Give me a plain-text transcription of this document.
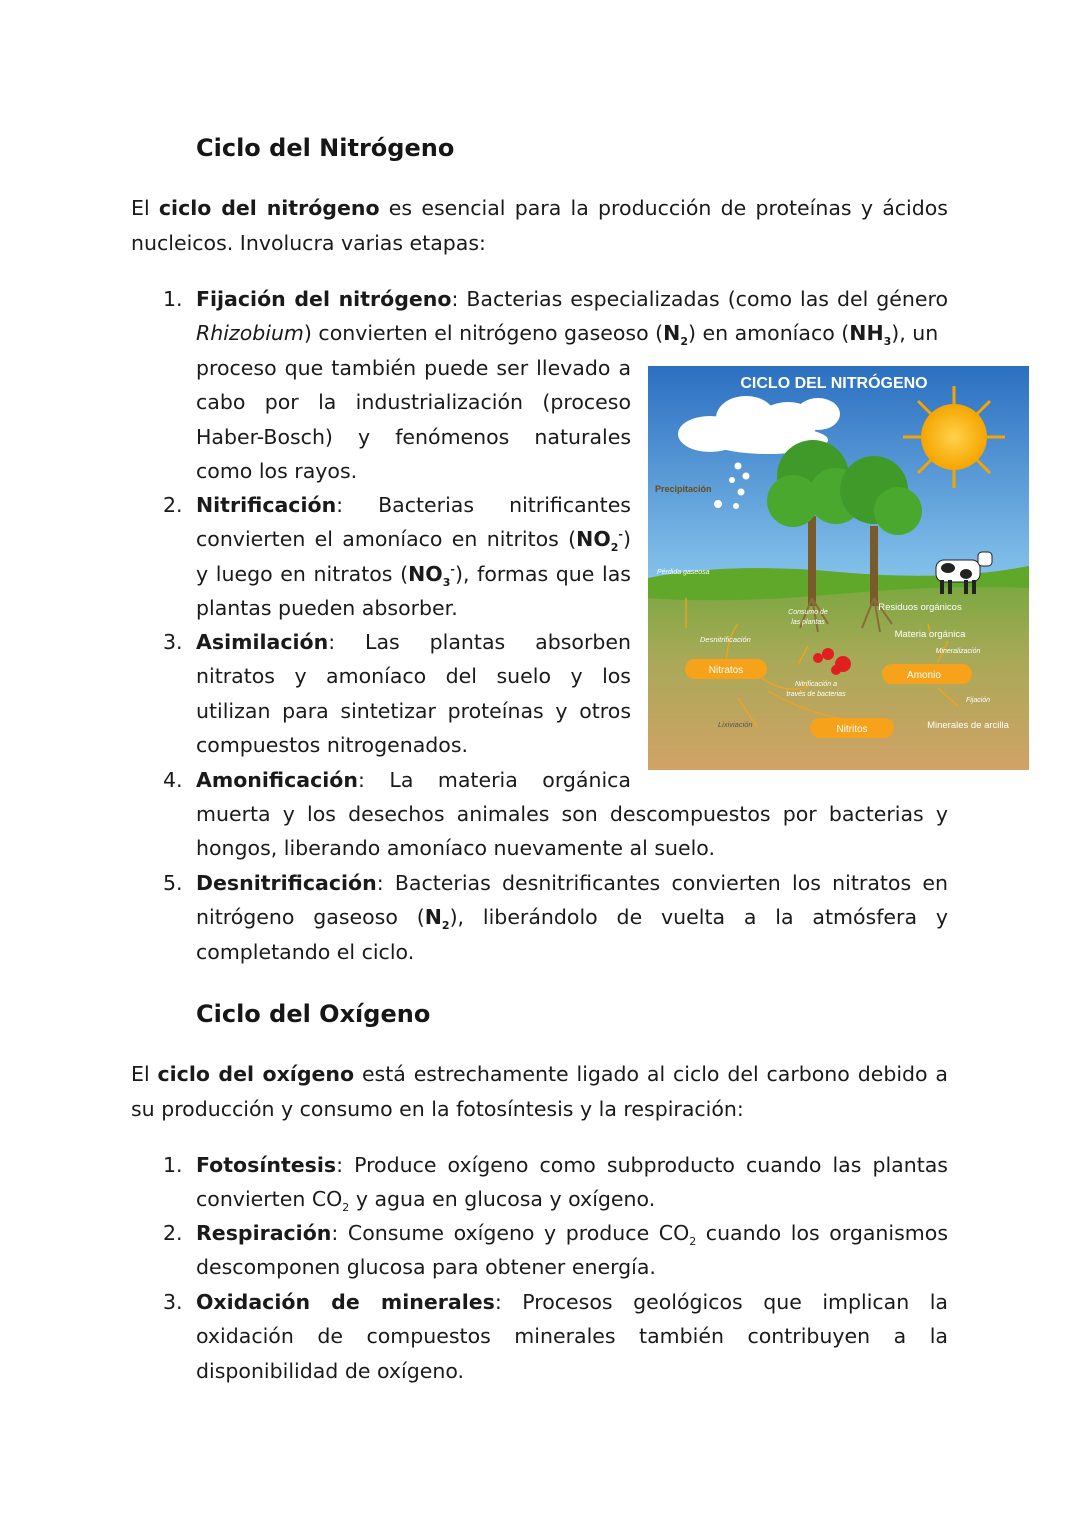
Ciclo del Nitrógeno

El ciclo del nitrógeno es esencial para la producción de proteínas y ácidos nucleicos. Involucra varias etapas:

1. Fijación del nitrógeno: Bacterias especializadas (como las del género Rhizobium) convierten el nitrógeno gaseoso $(N_2)$ en amoníaco $(NH_3)$, un

proceso que también puede ser llevado a cabo por la industrialización (proceso Haber-Bosch) y fenómenos naturales como los rayos.

2. Nitrificación: Bacterias nitrificantes convierten el amoníaco en nitritos $(NO_2^-)$ y luego en nitratos $(NO_3^-)$, formas que las plantas pueden absorber.

3. Asimilación: Las plantas absorben nitratos y amoníaco del suelo y los utilizan para sintetizar proteínas y otros compuestos nitrogenados.

4. Amonificación: La materia orgánica

muerta y los desechos animales son descompuestos por bacterias y hongos, liberando amoníaco nuevamente al suelo.

5. Desnitrificación: Bacterias desnitrificantes convierten los nitratos en nitrógeno gaseoso $(N_2)$, liberándolo de vuelta a la atmósfera y completando el ciclo.

CICLO DEL NITRÓGENO
Precipitación
Pérdida gaseosa
Desnitrificación
Nitratos
Lixiviación
Consumo de
las plantas
Nitrificación a
través de bacterias
Nitritos
Residuos orgánicos
Materia orgánica
Mineralización
Amonio
Fijación
Minerales de arcilla
Ciclo del Oxígeno

El ciclo del oxígeno está estrechamente ligado al ciclo del carbono debido a su producción y consumo en la fotosíntesis y la respiración:

1. Fotosíntesis: Produce oxígeno como subproducto cuando las plantas convierten $CO_2$ y agua en glucosa y oxígeno.

2. Respiración: Consume oxígeno y produce $CO_2$ cuando los organismos descomponen glucosa para obtener energía.

3. Oxidación de minerales: Procesos geológicos que implican la oxidación de compuestos minerales también contribuyen a la disponibilidad de oxígeno.
